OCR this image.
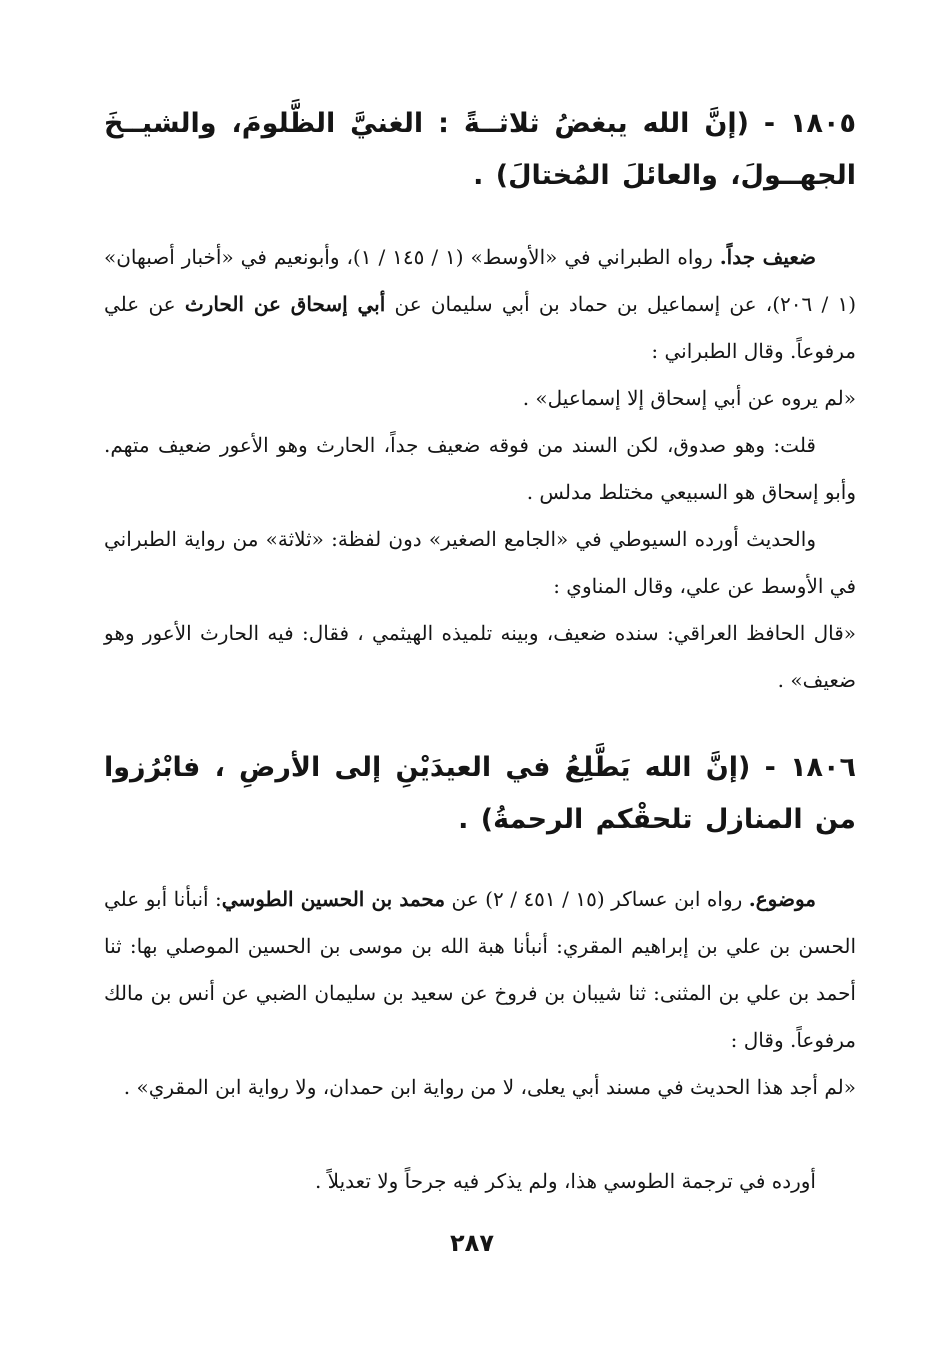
١٨٠٥ - (إنَّ الله يبغضُ ثلاثــةً : الغنيَّ الظَّلومَ، والشيــخَ الجهــولَ، والعائلَ المُختالَ) .

ضعيف جداً. رواه الطبراني في «الأوسط» (١ / ١٤٥ / ١)، وأبونعيم في «أخبار أصبهان» (١ / ٢٠٦)، عن إسماعيل بن حماد بن أبي سليمان عن أبي إسحاق عن الحارث عن علي مرفوعاً. وقال الطبراني :

«لم يروه عن أبي إسحاق إلا إسماعيل» .

قلت: وهو صدوق، لكن السند من فوقه ضعيف جداً، الحارث وهو الأعور ضعيف متهم. وأبو إسحاق هو السبيعي مختلط مدلس .

والحديث أورده السيوطي في «الجامع الصغير» دون لفظة: «ثلاثة» من رواية الطبراني في الأوسط عن علي، وقال المناوي :

«قال الحافظ العراقي: سنده ضعيف، وبينه تلميذه الهيثمي ، فقال: فيه الحارث الأعور وهو ضعيف» .

١٨٠٦ - (إنَّ الله يَطَّلِعُ في العيدَيْنِ إلى الأرضِ ، فابْرُزوا من المنازل تلحقْكم الرحمةُ) .

موضوع. رواه ابن عساكر (١٥ / ٤٥١ / ٢) عن محمد بن الحسين الطوسي: أنبأنا أبو علي الحسن بن علي بن إبراهيم المقري: أنبأنا هبة الله بن موسى بن الحسين الموصلي بها: ثنا أحمد بن علي بن المثنى: ثنا شيبان بن فروخ عن سعيد بن سليمان الضبي عن أنس بن مالك مرفوعاً. وقال :

«لم أجد هذا الحديث في مسند أبي يعلى، لا من رواية ابن حمدان، ولا رواية ابن المقري» .

أورده في ترجمة الطوسي هذا، ولم يذكر فيه جرحاً ولا تعديلاً .

٢٨٧
